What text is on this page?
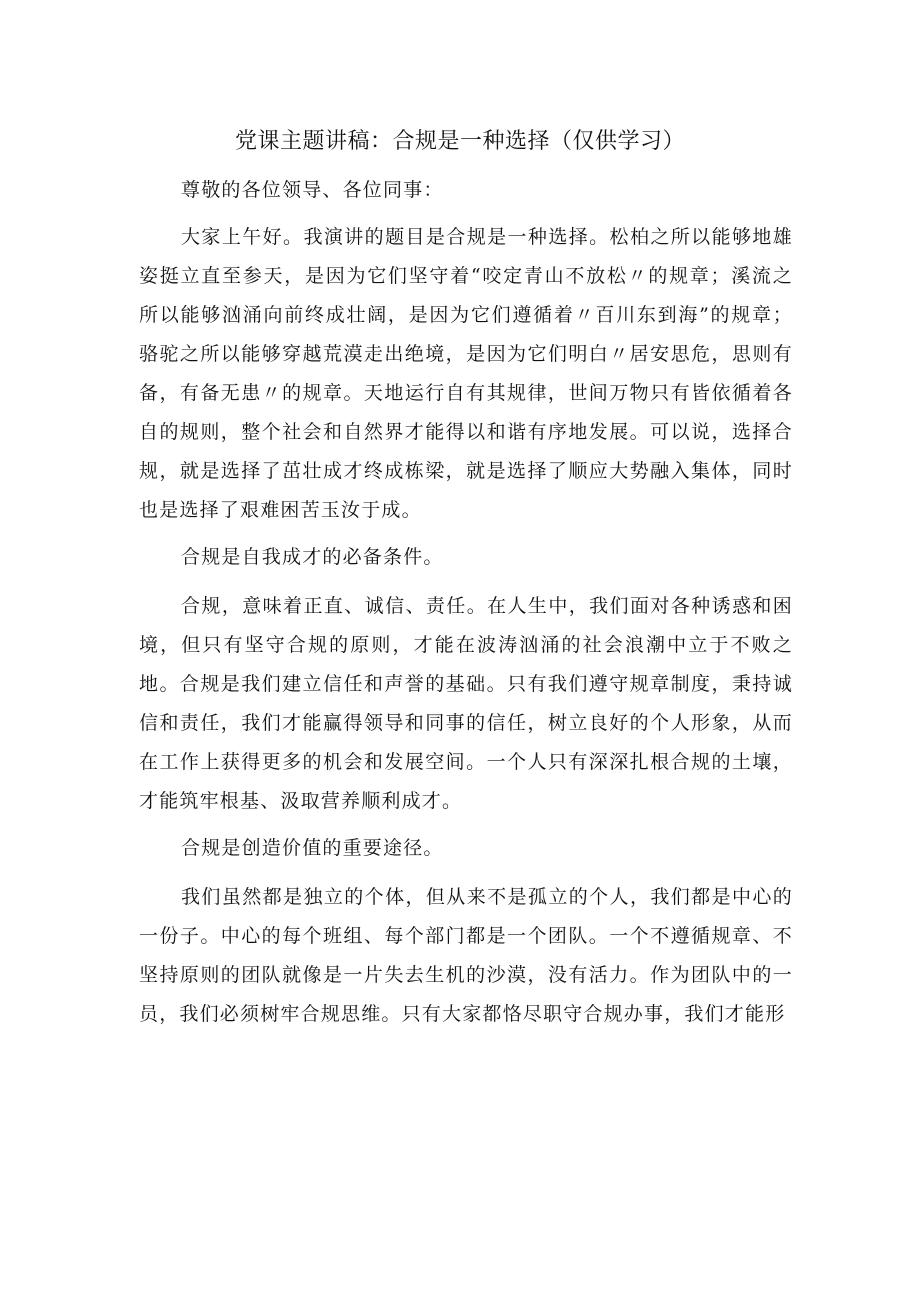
党课主题讲稿：合规是一种选择（仅供学习）

尊敬的各位领导、各位同事：

大家上午好。我演讲的题目是合规是一种选择。松柏之所以能够地雄姿挺立直至参天，是因为它们坚守着“咬定青山不放松〃的规章；溪流之所以能够汹涌向前终成壮阔，是因为它们遵循着〃百川东到海”的规章；骆驼之所以能够穿越荒漠走出绝境，是因为它们明白〃居安思危，思则有备，有备无患〃的规章。天地运行自有其规律，世间万物只有皆依循着各自的规则，整个社会和自然界才能得以和谐有序地发展。可以说，选择合规，就是选择了茁壮成才终成栋梁，就是选择了顺应大势融入集体，同时也是选择了艰难困苦玉汝于成。

合规是自我成才的必备条件。

合规，意味着正直、诚信、责任。在人生中，我们面对各种诱惑和困境，但只有坚守合规的原则，才能在波涛汹涌的社会浪潮中立于不败之地。合规是我们建立信任和声誉的基础。只有我们遵守规章制度，秉持诚信和责任，我们才能赢得领导和同事的信任，树立良好的个人形象，从而在工作上获得更多的机会和发展空间。一个人只有深深扎根合规的土壤，才能筑牢根基、汲取营养顺利成才。

合规是创造价值的重要途径。

我们虽然都是独立的个体，但从来不是孤立的个人，我们都是中心的一份子。中心的每个班组、每个部门都是一个团队。一个不遵循规章、不坚持原则的团队就像是一片失去生机的沙漠，没有活力。作为团队中的一员，我们必须树牢合规思维。只有大家都恪尽职守合规办事，我们才能形
